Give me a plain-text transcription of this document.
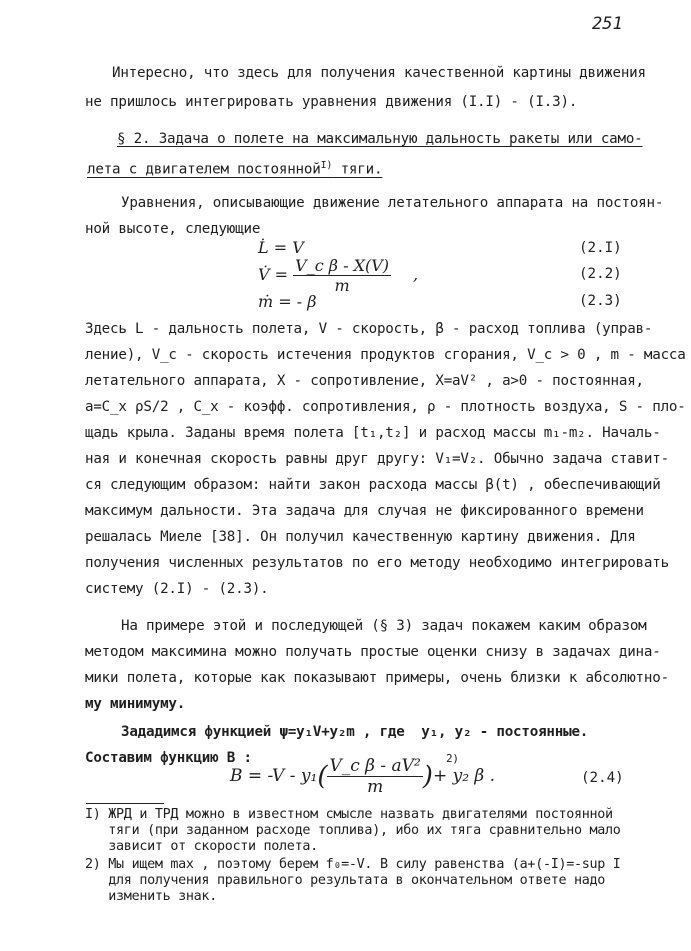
251
Интересно, что здесь для получения качественной картины движения
не пришлось интегрировать уравнения движения (I.I) - (I.3).
§ 2. Задача о полете на максимальную дальность ракеты или само-
лета с двигателем постоянной$^{I)}$ тяги.
Уравнения, описывающие движение летательного аппарата на постоян-
ной высоте, следующие
L̇ = V	(2.I)
V̇ = $\frac{\text{V\_c β - X(V)}}{m}$ ,	(2.2)
ṁ = - β	(2.3)
Здесь L - дальность полета, V - скорость, β - расход топлива (управ-
ление), V_c - скорость истечения продуктов сгорания, V_c > 0 , m - масса
летательного аппарата, X - сопротивление, X=aV² , a>0 - постоянная,
a=C_x ρS/2 , C_x - коэфф. сопротивления, ρ - плотность воздуха, S - пло-
щадь крыла. Заданы время полета [t₁,t₂] и расход массы m₁-m₂. Началь-
ная и конечная скорость равны друг другу: V₁=V₂. Обычно задача ставит-
ся следующим образом: найти закон расхода массы β(t) , обеспечивающий
максимум дальности. Эта задача для случая не фиксированного времени
решалась Миеле [38]. Он получил качественную картину движения. Для
получения численных результатов по его методу необходимо интегрировать
систему (2.I) - (2.3).
На примере этой и последующей (§ 3) задач покажем каким образом
методом максимина можно получать простые оценки снизу в задачах дина-
мики полета, которые как показывают примеры, очень близки к абсолютно-
му минимуму.
Зададимся функцией ψ=y₁V+y₂m , где  y₁, y₂ - постоянные.
Составим функцию B :
$B = -V - y_1( \frac{\text{V\_c β - aV²}}{m}$ )+ y₂ β .
2)
(2.4)
I) ЖРД и ТРД можно в известном смысле назвать двигателями постоянной
тяги (при заданном расходе топлива), ибо их тяга сравнительно мало
зависит от скорости полета.
2) Мы ищем max , поэтому берем f₀=-V. В силу равенства (a+(-I)=-sup I
для получения правильного результата в окончательном ответе надо
изменить знак.
